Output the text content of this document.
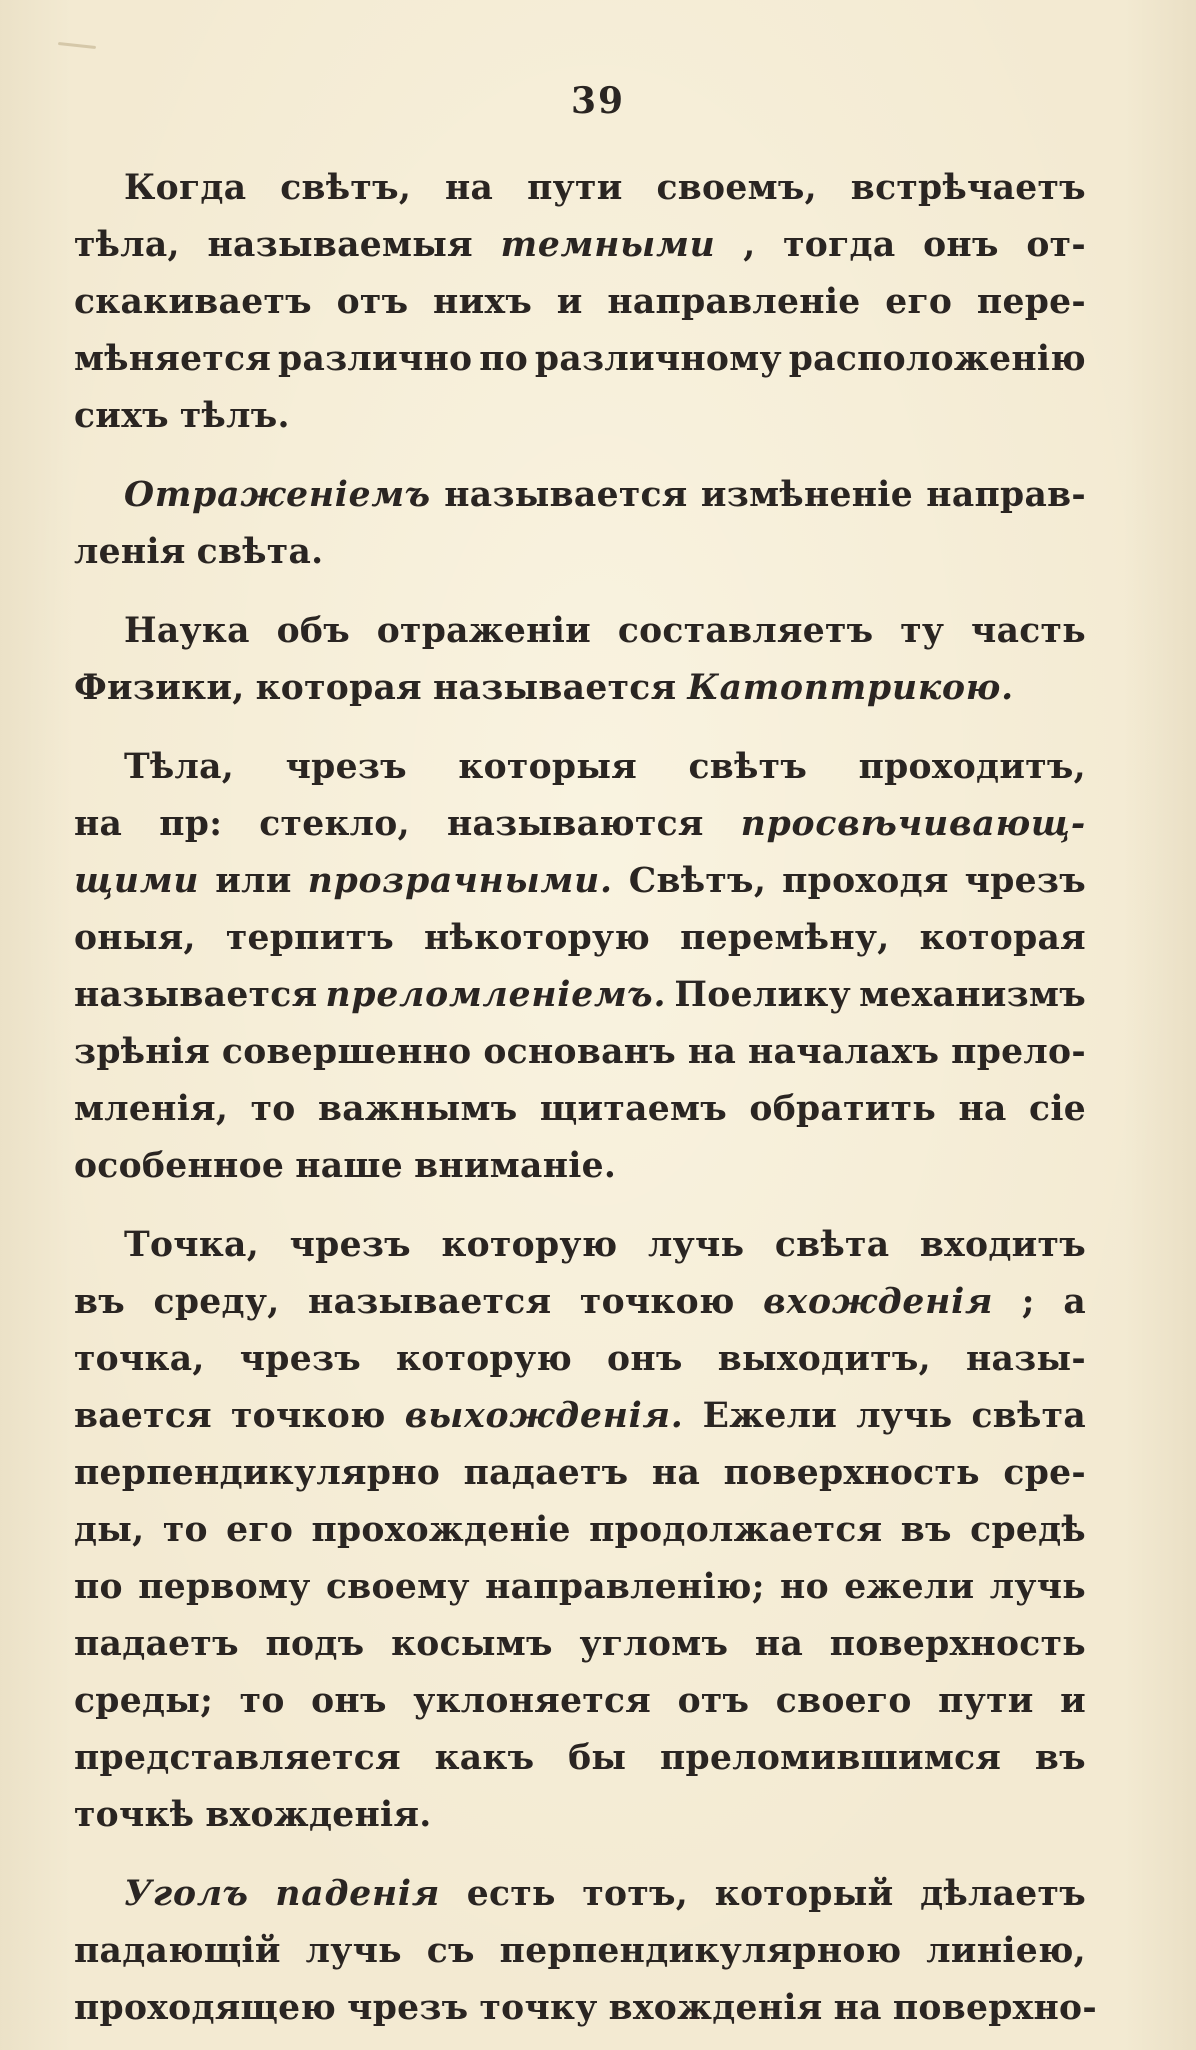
39
Когда свѣтъ, на пути своемъ, встрѣчаетъ
тѣла, называемыя темными , тогда онъ от-
скакиваетъ отъ нихъ и направленіе его пере-
мѣняется различно по различному расположенію
сихъ тѣлъ.
Отраженіемъ называется измѣненіе направ-
ленія свѣта.
Наука объ отраженіи составляетъ ту часть
Физики, которая называется Катоптрикою.
Тѣла, чрезъ которыя свѣтъ проходитъ,
на пр: стекло, называются просвѣчивающ-
щими или прозрачными. Свѣтъ, проходя чрезъ
оныя, терпитъ нѣкоторую перемѣну, которая
называется преломленіемъ. Поелику механизмъ
зрѣнія совершенно основанъ на началахъ прело-
мленія, то важнымъ щитаемъ обратить на сіе
особенное наше вниманіе.
Точка, чрезъ которую лучь свѣта входитъ
въ среду, называется точкою вхожденія ; а
точка, чрезъ которую онъ выходитъ, назы-
вается точкою выхожденія. Ежели лучь свѣта
перпендикулярно падаетъ на поверхность сре-
ды, то его прохожденіе продолжается въ средѣ
по первому своему направленію; но ежели лучь
падаетъ подъ косымъ угломъ на поверхность
среды; то онъ уклоняется отъ своего пути и
представляется какъ бы преломившимся въ
точкѣ вхожденія.
Уголъ паденія есть тотъ, который дѣлаетъ
падающій лучь съ перпендикулярною линіею,
проходящею чрезъ точку вхожденія на поверхно-
